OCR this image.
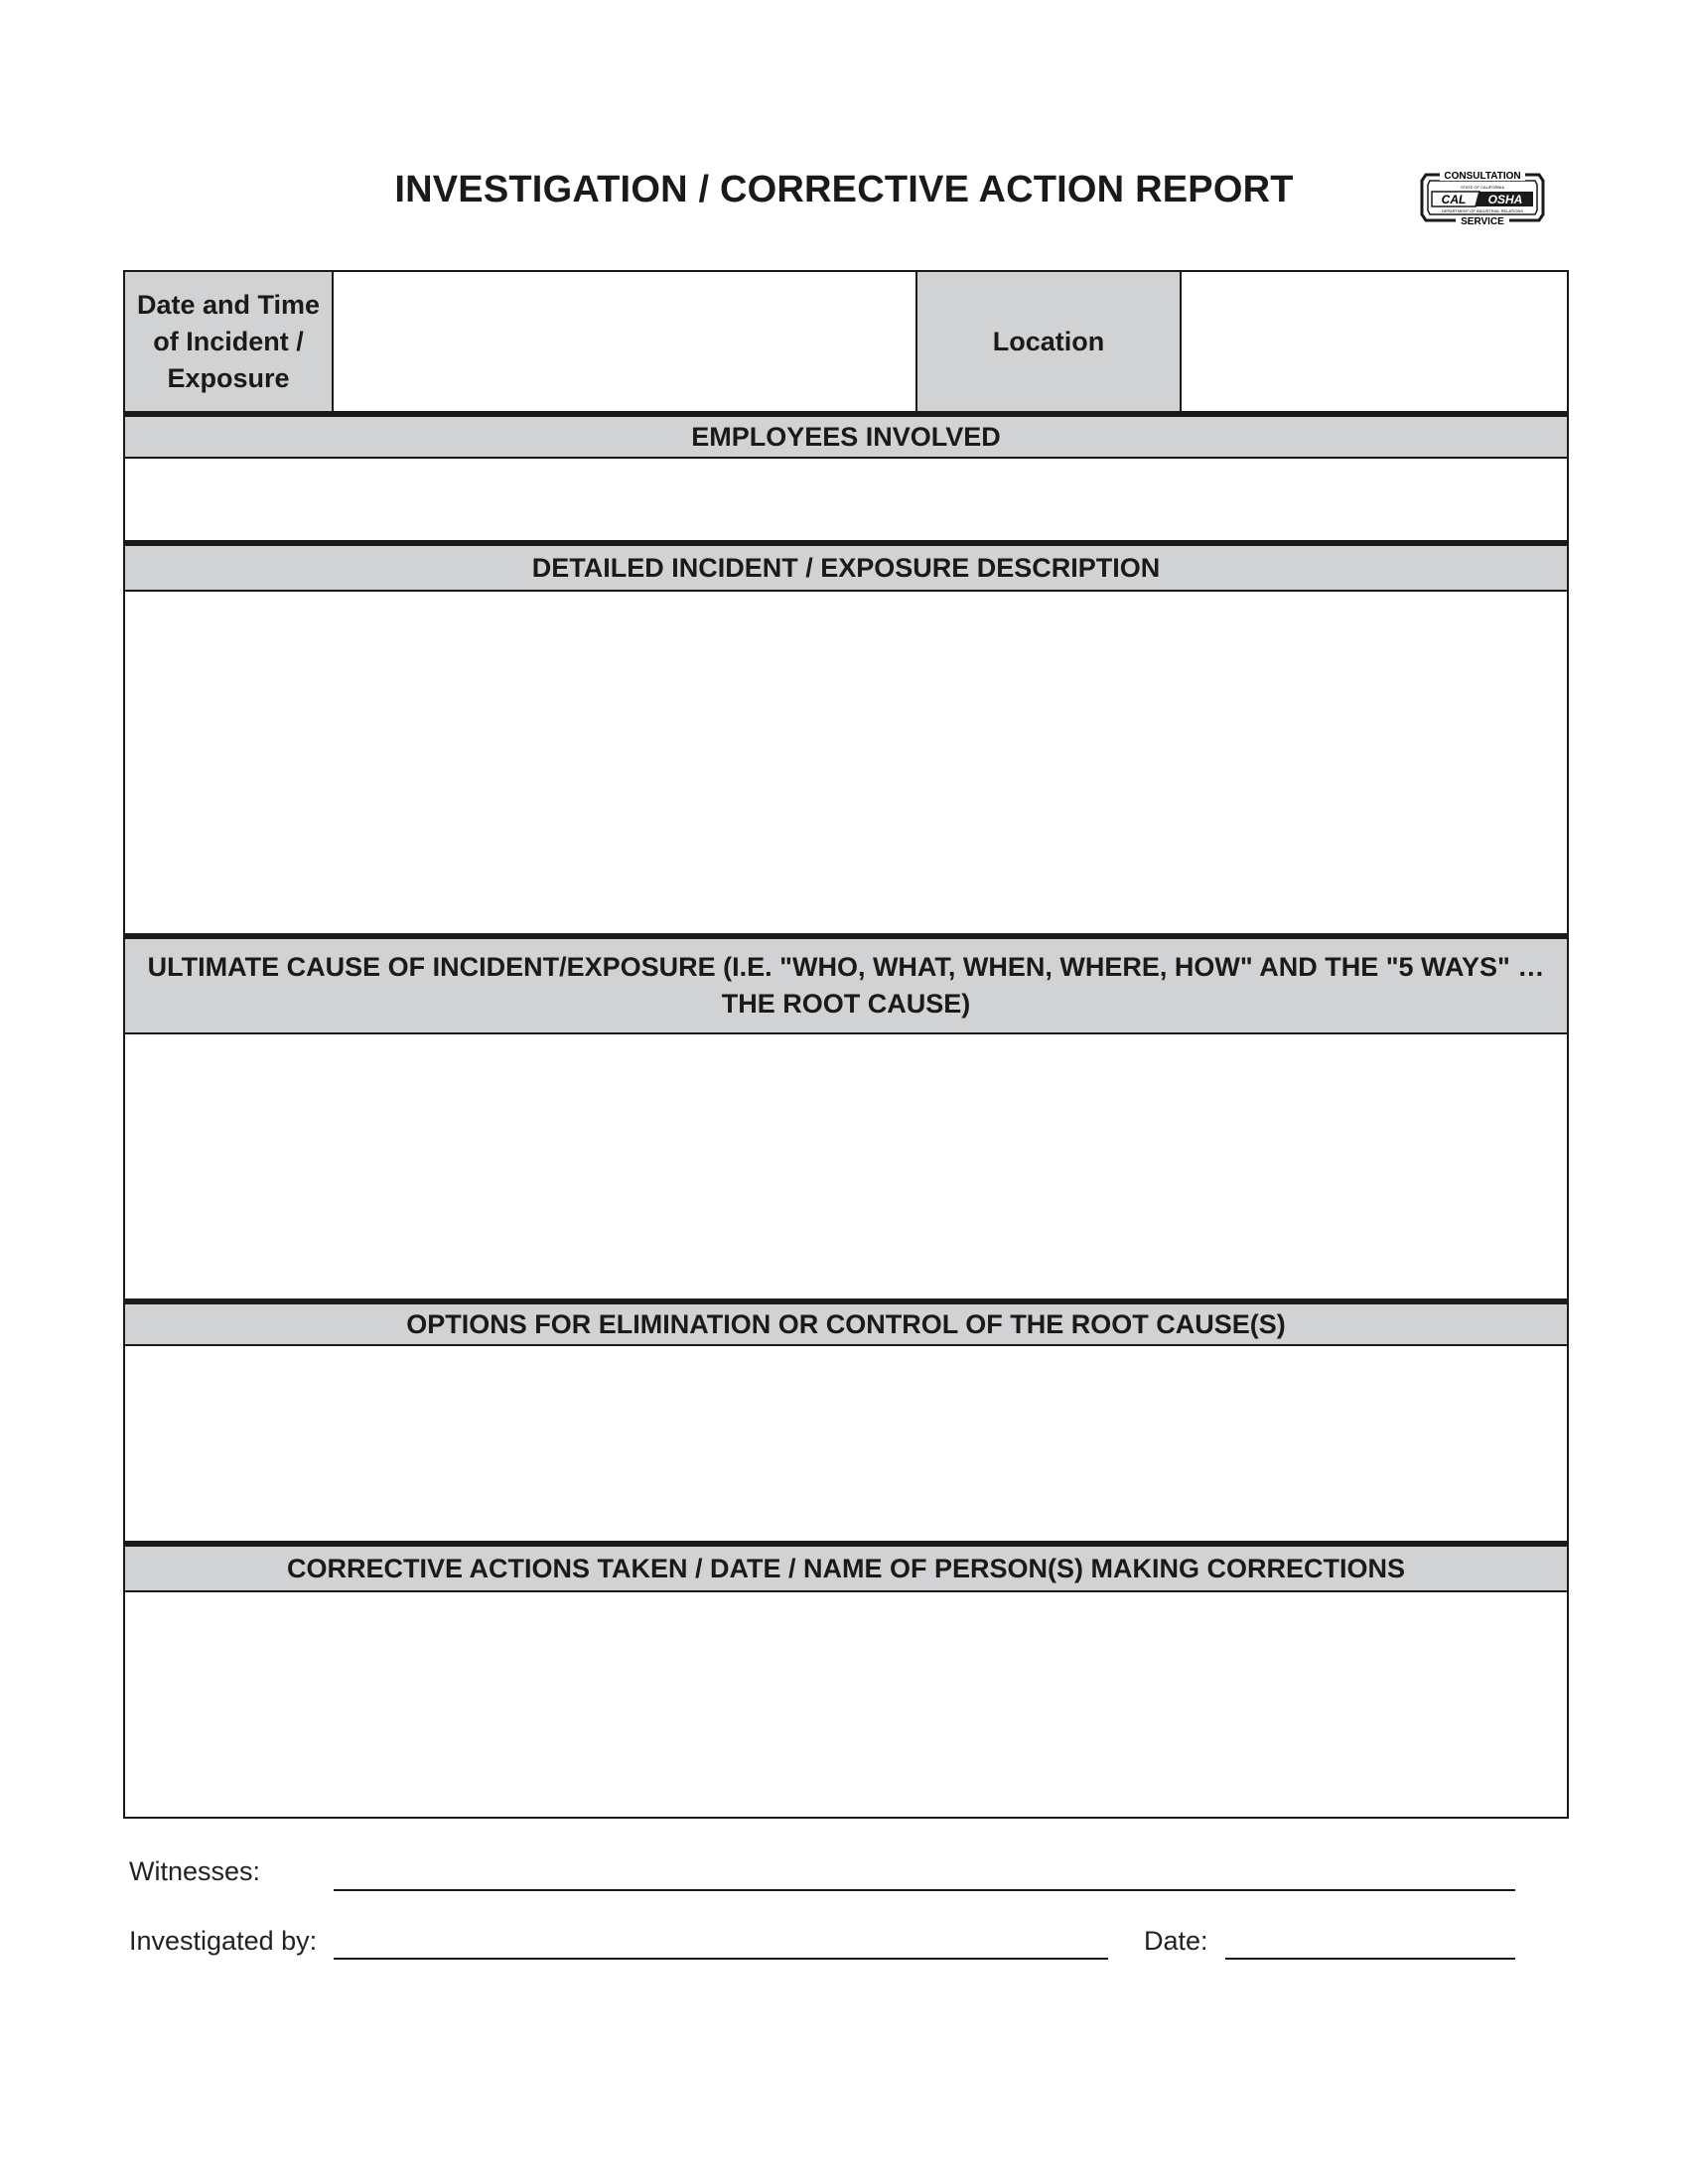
INVESTIGATION / CORRECTIVE ACTION REPORT	CONSULTATION
STATE OF CALIFORNIA
CAL OSHA
DEPARTMENT OF INDUSTRIAL RELATIONS
SERVICE
Date and Time of Incident / Exposure
Location
EMPLOYEES INVOLVED
DETAILED INCIDENT / EXPOSURE DESCRIPTION
ULTIMATE CAUSE OF INCIDENT/EXPOSURE (I.E. "WHO, WHAT, WHEN, WHERE, HOW" AND THE "5 WAYS" … THE ROOT CAUSE)
OPTIONS FOR ELIMINATION OR CONTROL OF THE ROOT CAUSE(S)
CORRECTIVE ACTIONS TAKEN / DATE / NAME OF PERSON(S) MAKING CORRECTIONS
Witnesses:
Investigated by:	Date:
